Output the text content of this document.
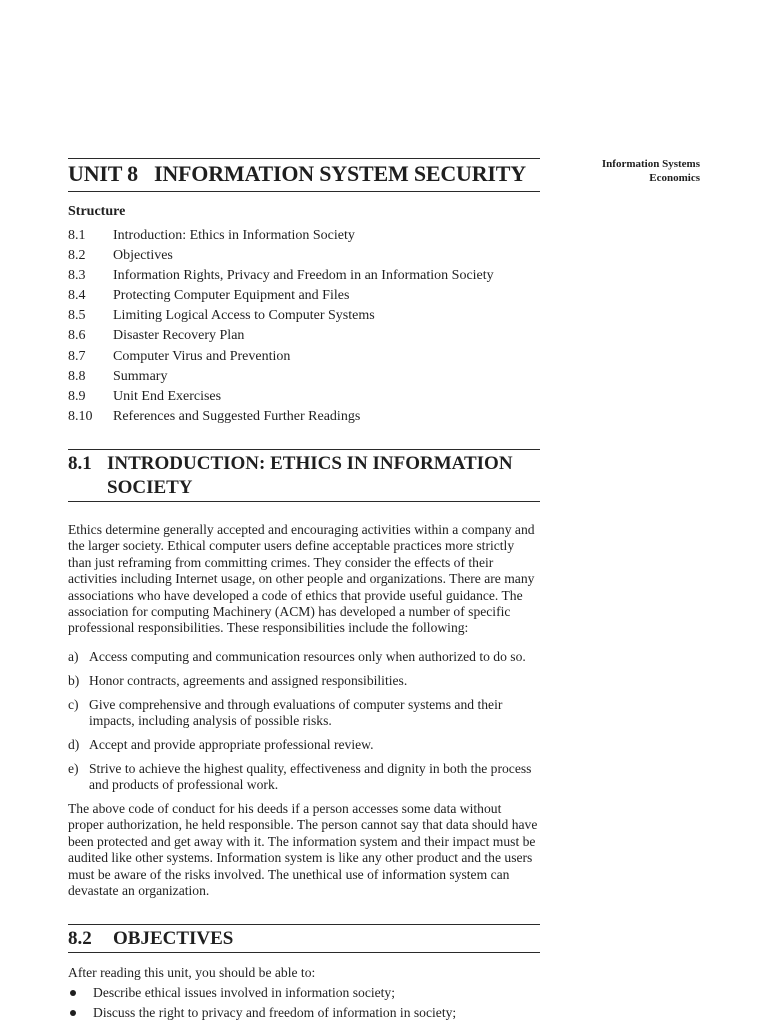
Information Systems
Economics
UNIT 8 INFORMATION SYSTEM SECURITY
Structure
8.1 Introduction: Ethics in Information Society
8.2 Objectives
8.3 Information Rights, Privacy and Freedom in an Information Society
8.4 Protecting Computer Equipment and Files
8.5 Limiting Logical Access to Computer Systems
8.6 Disaster Recovery Plan
8.7 Computer Virus and Prevention
8.8 Summary
8.9 Unit End Exercises
8.10 References and Suggested Further Readings
8.1 INTRODUCTION: ETHICS IN INFORMATION SOCIETY

Ethics determine generally accepted and encouraging activities within a company and the larger society. Ethical computer users define acceptable practices more strictly than just reframing from committing crimes. They consider the effects of their activities including Internet usage, on other people and organizations. There are many associations who have developed a code of ethics that provide useful guidance. The association for computing Machinery (ACM) has developed a number of specific professional responsibilities. These responsibilities include the following:

a) Access computing and communication resources only when authorized to do so.
b) Honor contracts, agreements and assigned responsibilities.
c) Give comprehensive and through evaluations of computer systems and their impacts, including analysis of possible risks.
d) Accept and provide appropriate professional review.
e) Strive to achieve the highest quality, effectiveness and dignity in both the process and products of professional work.

The above code of conduct for his deeds if a person accesses some data without proper authorization, he held responsible. The person cannot say that data should have been protected and get away with it. The information system and their impact must be audited like other systems. Information system is like any other product and the users must be aware of the risks involved. The unethical use of information system can devastate an organization.

8.2 OBJECTIVES

After reading this unit, you should be able to:

Describe ethical issues involved in information society;
Discuss the right to privacy and freedom of information in society;
